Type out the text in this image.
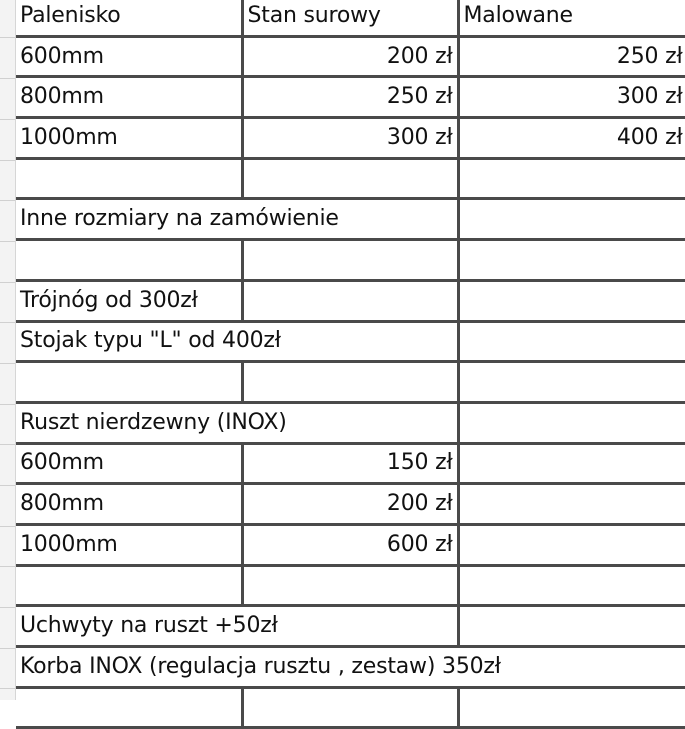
Palenisko	Stan surowy	Malowane
600mm	200 zł	250 zł
800mm	250 zł	300 zł
1000mm	300 zł	400 zł

Inne rozmiary na zamówienie		

Trójnóg od 300zł		
Stojak typu "L" od 400zł		

Ruszt nierdzewny (INOX)		
600mm	150 zł	
800mm	200 zł	
1000mm	600 zł	

Uchwyty na ruszt +50zł		
Korba INOX (regulacja rusztu , zestaw) 350zł		
